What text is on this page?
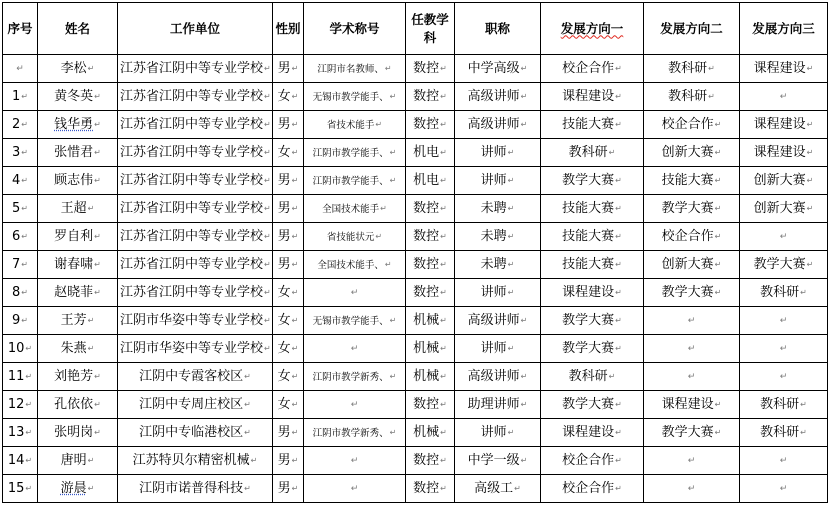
序号	姓名	工作单位	性别	学术称号	任教学科	职称	发展方向一	发展方向二	发展方向三
↵	李松↵	江苏省江阴中等专业学校↵	男↵	江阴市名教师、↵	数控↵	中学高级↵	校企合作↵	教科研↵	课程建设↵
1↵	黄冬英↵	江苏省江阴中等专业学校↵	女↵	无锡市教学能手、↵	数控↵	高级讲师↵	课程建设↵	教科研↵	↵
2↵	钱华勇↵	江苏省江阴中等专业学校↵	男↵	省技术能手↵	数控↵	高级讲师↵	技能大赛↵	校企合作↵	课程建设↵
3↵	张惜君↵	江苏省江阴中等专业学校↵	女↵	江阴市教学能手、↵	机电↵	讲师↵	教科研↵	创新大赛↵	课程建设↵
4↵	顾志伟↵	江苏省江阴中等专业学校↵	男↵	江阴市教学能手、↵	机电↵	讲师↵	教学大赛↵	技能大赛↵	创新大赛↵
5↵	王超↵	江苏省江阴中等专业学校↵	男↵	全国技术能手↵	数控↵	未聘↵	技能大赛↵	教学大赛↵	创新大赛↵
6↵	罗自利↵	江苏省江阴中等专业学校↵	男↵	省技能状元↵	数控↵	未聘↵	技能大赛↵	校企合作↵	↵
7↵	谢春啸↵	江苏省江阴中等专业学校↵	男↵	全国技术能手、↵	数控↵	未聘↵	技能大赛↵	创新大赛↵	教学大赛↵
8↵	赵晓菲↵	江苏省江阴中等专业学校↵	女↵	↵	数控↵	讲师↵	课程建设↵	教学大赛↵	教科研↵
9↵	王芳↵	江阴市华姿中等专业学校↵	女↵	无锡市教学能手、↵	机械↵	高级讲师↵	教学大赛↵	↵	↵
10↵	朱燕↵	江阴市华姿中等专业学校↵	女↵	↵	机械↵	讲师↵	教学大赛↵	↵	↵
11↵	刘艳芳↵	江阴中专霞客校区↵	女↵	江阴市教学新秀、↵	机械↵	高级讲师↵	教科研↵	↵	↵
12↵	孔依依↵	江阴中专周庄校区↵	女↵	↵	数控↵	助理讲师↵	教学大赛↵	课程建设↵	教科研↵
13↵	张明岗↵	江阴中专临港校区↵	男↵	江阴市教学新秀、↵	机械↵	讲师↵	课程建设↵	教学大赛↵	教科研↵
14↵	唐明↵	江苏特贝尔精密机械↵	男↵	↵	数控↵	中学一级↵	校企合作↵	↵	↵
15↵	游晨↵	江阴市诺普得科技↵	男↵	↵	数控↵	高级工↵	校企合作↵	↵	↵
